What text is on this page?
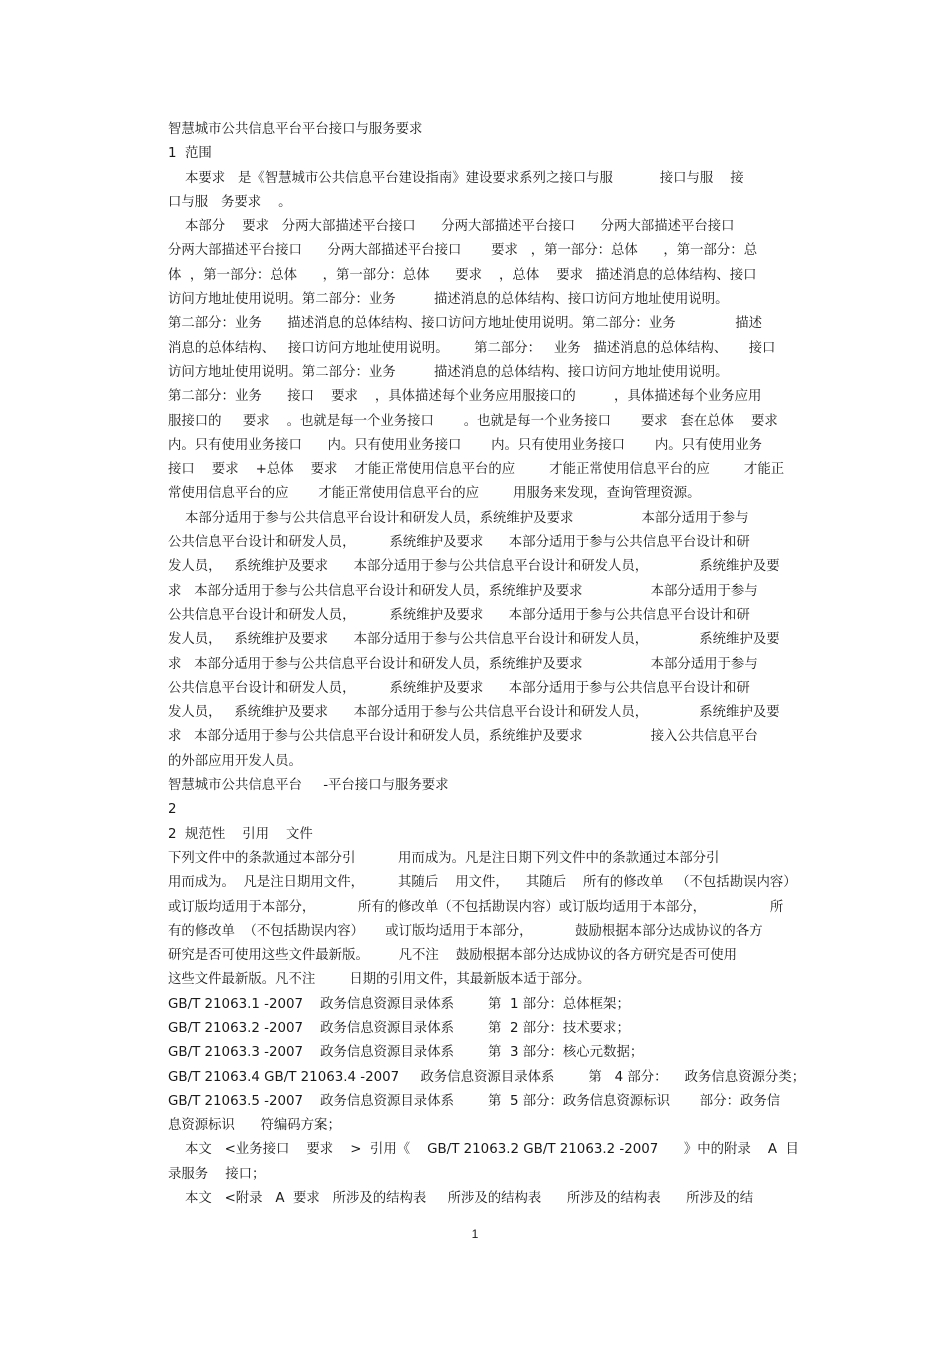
智慧城市公共信息平台平台接口与服务要求
1  范围
本要求   是《智慧城市公共信息平台建设指南》建设要求系列之接口与服           接口与服    接
口与服   务要求    。
本部分    要求   分两大部描述平台接口      分两大部描述平台接口      分两大部描述平台接口
分两大部描述平台接口      分两大部描述平台接口       要求   ，第一部分：总体      ，第一部分：总
体  ，第一部分：总体      ，第一部分：总体      要求    ，总体    要求   描述消息的总体结构、接口
访问方地址使用说明。第二部分：业务         描述消息的总体结构、接口访问方地址使用说明。
第二部分：业务      描述消息的总体结构、接口访问方地址使用说明。第二部分：业务              描述
消息的总体结构、   接口访问方地址使用说明。      第二部分：   业务   描述消息的总体结构、     接口
访问方地址使用说明。第二部分：业务         描述消息的总体结构、接口访问方地址使用说明。
第二部分：业务      接口    要求    ，具体描述每个业务应用服接口的         ，具体描述每个业务应用
服接口的     要求    。也就是每一个业务接口       。也就是每一个业务接口       要求   套在总体    要求
内。只有使用业务接口      内。只有使用业务接口       内。只有使用业务接口       内。只有使用业务
接口    要求    +总体    要求    才能正常使用信息平台的应        才能正常使用信息平台的应        才能正
常使用信息平台的应       才能正常使用信息平台的应        用服务来发现，查询管理资源。
本部分适用于参与公共信息平台设计和研发人员，系统维护及要求                本部分适用于参与
公共信息平台设计和研发人员，        系统维护及要求      本部分适用于参与公共信息平台设计和研
发人员，   系统维护及要求      本部分适用于参与公共信息平台设计和研发人员，            系统维护及要
求   本部分适用于参与公共信息平台设计和研发人员，系统维护及要求                本部分适用于参与
公共信息平台设计和研发人员，        系统维护及要求      本部分适用于参与公共信息平台设计和研
发人员，   系统维护及要求      本部分适用于参与公共信息平台设计和研发人员，            系统维护及要
求   本部分适用于参与公共信息平台设计和研发人员，系统维护及要求                本部分适用于参与
公共信息平台设计和研发人员，        系统维护及要求      本部分适用于参与公共信息平台设计和研
发人员，   系统维护及要求      本部分适用于参与公共信息平台设计和研发人员，            系统维护及要
求   本部分适用于参与公共信息平台设计和研发人员，系统维护及要求                接入公共信息平台
的外部应用开发人员。
智慧城市公共信息平台     -平台接口与服务要求
2
2  规范性    引用    文件
下列文件中的条款通过本部分引          用而成为。凡是注日期下列文件中的条款通过本部分引
用而成为。  凡是注日期用文件，        其随后    用文件，    其随后    所有的修改单   （不包括勘误内容）
或订版均适用于本部分，          所有的修改单（不包括勘误内容）或订版均适用于本部分，               所
有的修改单  （不包括勘误内容）     或订版均适用于本部分，          鼓励根据本部分达成协议的各方
研究是否可使用这些文件最新版。       凡不注    鼓励根据本部分达成协议的各方研究是否可使用
这些文件最新版。凡不注        日期的引用文件，其最新版本适于部分。
GB/T 21063.1 -2007    政务信息资源目录体系        第  1 部分：总体框架；
GB/T 21063.2 -2007    政务信息资源目录体系        第  2 部分：技术要求；
GB/T 21063.3 -2007    政务信息资源目录体系        第  3 部分：核心元数据；
GB/T 21063.4 GB/T 21063.4 -2007     政务信息资源目录体系        第   4 部分：    政务信息资源分类；
GB/T 21063.5 -2007    政务信息资源目录体系        第  5 部分：政务信息资源标识       部分：政务信
息资源标识      符编码方案；
本文   <业务接口    要求    >  引用《    GB/T 21063.2 GB/T 21063.2 -2007      》中的附录    A  目
录服务    接口；
本文   <附录   A  要求   所涉及的结构表     所涉及的结构表      所涉及的结构表      所涉及的结
1
